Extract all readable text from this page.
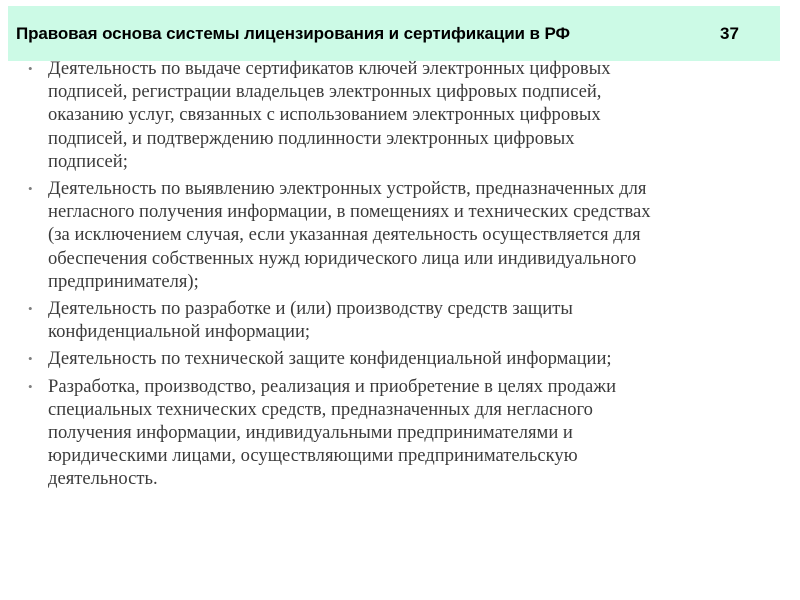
Правовая основа системы лицензирования и сертификации в РФ	37
• Деятельность по выдаче сертификатов ключей электронных цифровых
подписей, регистрации владельцев электронных цифровых подписей,
оказанию услуг, связанных с использованием электронных цифровых
подписей, и подтверждению подлинности электронных цифровых
подписей;
• Деятельность по выявлению электронных устройств, предназначенных для
негласного получения информации, в помещениях и технических средствах
(за исключением случая, если указанная деятельность осуществляется для
обеспечения собственных нужд юридического лица или индивидуального
предпринимателя);
• Деятельность по разработке и (или) производству средств защиты
конфиденциальной информации;
• Деятельность по технической защите конфиденциальной информации;
• Разработка, производство, реализация и приобретение в целях продажи
специальных технических средств, предназначенных для негласного
получения информации, индивидуальными предпринимателями и
юридическими лицами, осуществляющими предпринимательскую
деятельность.
